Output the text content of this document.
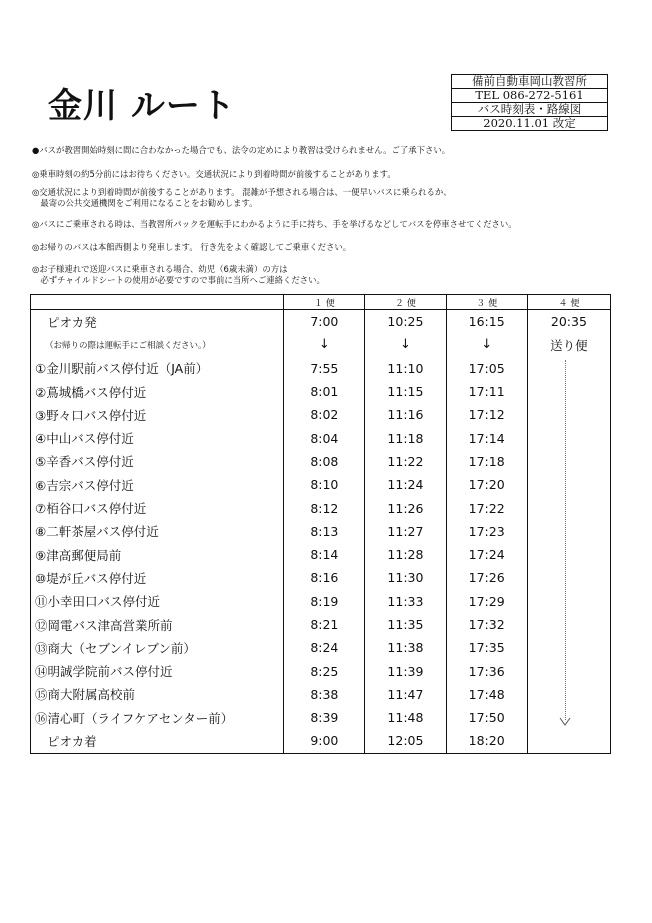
金川 ルート
備前自動車岡山教習所
TEL 086-272-5161
バス時刻表・路線図
2020.11.01 改定
●バスが教習開始時刻に間に合わなかった場合でも、法令の定めにより教習は受けられません。ご了承下さい。
◎乗車時刻の約5分前にはお待ちください。交通状況により到着時間が前後することがあります。
◎交通状況により到着時間が前後することがあります。 混雑が予想される場合は、一便早いバスに乗られるか、
　最寄の公共交通機関をご利用になることをお勧めします。
◎バスにご乗車される時は、当教習所パックを運転手にわかるように手に持ち、手を挙げるなどしてバスを停車させてください。
◎お帰りのバスは本館西側より発車します。 行き先をよく確認してご乗車ください。
◎お子様連れで送迎バスに乗車される場合、幼児（6歳未満）の方は
　必ずチャイルドシートの使用が必要ですので事前に当所へご連絡ください。
	１ 便	２ 便	３ 便	４ 便
ピオカ発	7:00	10:25	16:15	20:35
（お帰りの際は運転手にご相談ください。）	↓	↓	↓	送り便
①金川駅前バス停付近（JA前）	7:55	11:10	17:05	
②蔦城橋バス停付近	8:01	11:15	17:11	
③野々口バス停付近	8:02	11:16	17:12	
④中山バス停付近	8:04	11:18	17:14	
⑤辛香バス停付近	8:08	11:22	17:18	
⑥吉宗バス停付近	8:10	11:24	17:20	
⑦栢谷口バス停付近	8:12	11:26	17:22	
⑧二軒茶屋バス停付近	8:13	11:27	17:23	
⑨津高郵便局前	8:14	11:28	17:24	
⑩堤が丘バス停付近	8:16	11:30	17:26	
⑪小幸田口バス停付近	8:19	11:33	17:29	
⑫岡電バス津高営業所前	8:21	11:35	17:32	
⑬商大（セブンイレブン前）	8:24	11:38	17:35	
⑭明誠学院前バス停付近	8:25	11:39	17:36	
⑮商大附属高校前	8:38	11:47	17:48	
⑯清心町（ライフケアセンター前）	8:39	11:48	17:50	
ピオカ着	9:00	12:05	18:20	
